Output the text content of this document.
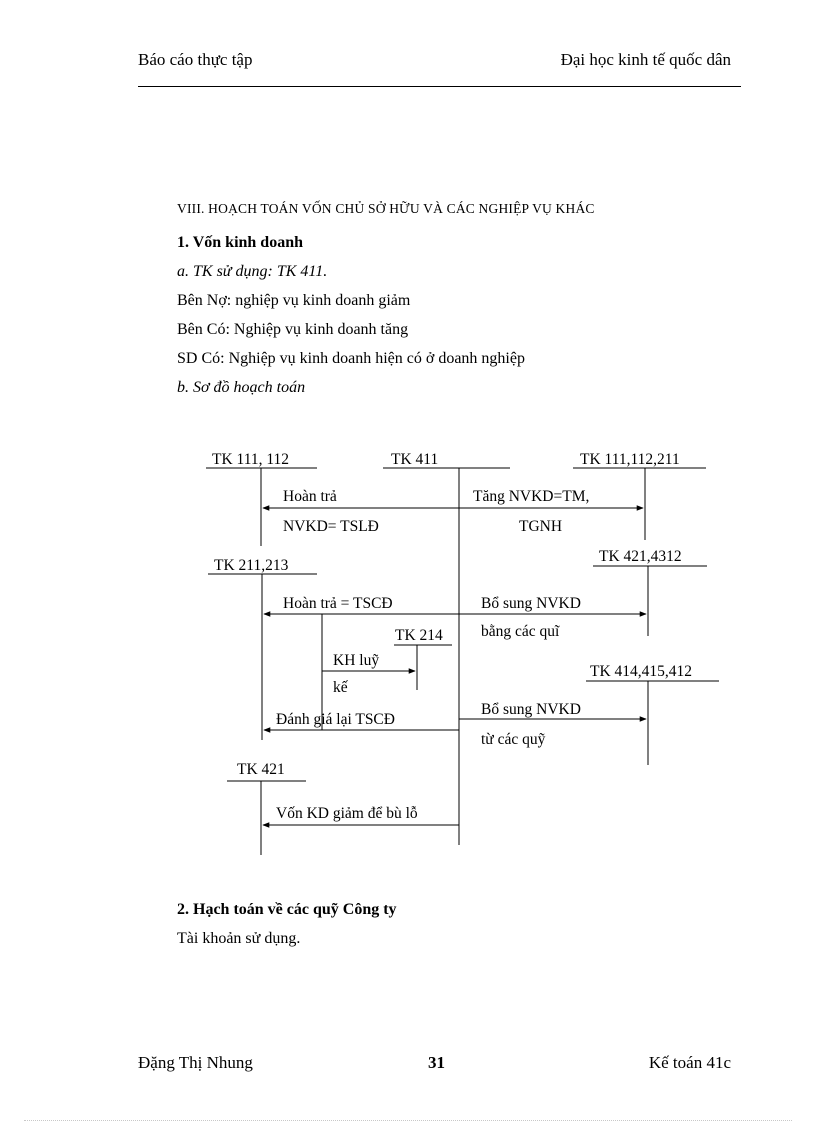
Báo cáo thực tập	Đại học kinh tế quốc dân
VIII. HOẠCH TOÁN VỐN CHỦ SỞ HỮU VÀ CÁC NGHIỆP VỤ KHÁC
1. Vốn kinh doanh
a. TK sử dụng: TK 411.
Bên Nợ: nghiệp vụ kinh doanh giảm
Bên Có: Nghiệp vụ kinh doanh tăng
SD Có: Nghiệp vụ kinh doanh hiện có ở doanh nghiệp
b. Sơ đồ hoạch toán
TK 111, 112	TK 411	TK 111,112,211
TK 421,4312
TK 211,213
TK 214
TK 414,415,412
TK 421
Hoàn trả
NVKD= TSLĐ
Tăng NVKD=TM,
TGNH
Hoàn trả = TSCĐ	Bổ sung NVKD
bằng các quĩ
KH luỹ
kế
Bổ sung NVKD
từ các quỹ
Đánh giá lại TSCĐ
Vốn KD giảm để bù lỗ
2. Hạch toán về các quỹ Công ty
Tài khoản sử dụng.
Đặng Thị Nhung	31	Kế toán 41c
